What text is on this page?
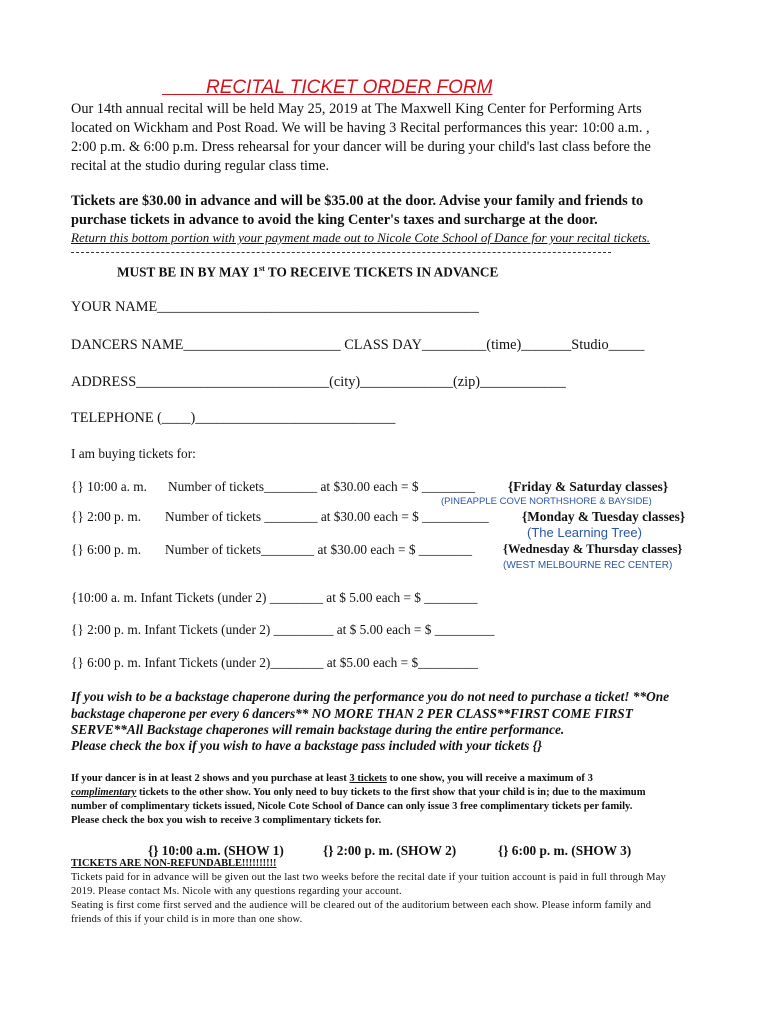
RECITAL TICKET ORDER FORM
Our 14th annual recital will be held May 25, 2019 at The Maxwell King Center for Performing Arts
located on Wickham and Post Road. We will be having 3 Recital performances this year: 10:00 a.m. ,
2:00 p.m. & 6:00 p.m. Dress rehearsal for your dancer will be during your child's last class before the
recital at the studio during regular class time.
Tickets are $30.00 in advance and will be $35.00 at the door. Advise your family and friends to
purchase tickets in advance to avoid the king Center's taxes and surcharge at the door.
Return this bottom portion with your payment made out to Nicole Cote School of Dance for your recital tickets.
MUST BE IN BY MAY 1st TO RECEIVE TICKETS IN ADVANCE
YOUR NAME_____________________________________________
DANCERS NAME______________________ CLASS DAY_________(time)_______Studio_____
ADDRESS___________________________(city)_____________(zip)____________
TELEPHONE (____)____________________________
I am buying tickets for:
{} 10:00 a. m. Number of tickets________ at $30.00 each = $ ________ {Friday & Saturday classes}
(PINEAPPLE COVE NORTHSHORE & BAYSIDE)
{} 2:00 p. m. Number of tickets ________ at $30.00 each = $ __________	{Monday & Tuesday classes}
(The Learning Tree)
{} 6:00 p. m. Number of tickets________ at $30.00 each = $ ________ {Wednesday & Thursday classes}
(WEST MELBOURNE REC CENTER)
{10:00 a. m. Infant Tickets (under 2) ________ at $ 5.00 each = $ ________
{} 2:00 p. m. Infant Tickets (under 2) _________ at $ 5.00 each = $ _________
{} 6:00 p. m. Infant Tickets (under 2)________ at $5.00 each = $_________
If you wish to be a backstage chaperone during the performance you do not need to purchase a ticket! **One
backstage chaperone per every 6 dancers** NO MORE THAN 2 PER CLASS**FIRST COME FIRST
SERVE**All Backstage chaperones will remain backstage during the entire performance.
Please check the box if you wish to have a backstage pass included with your tickets {}
If your dancer is in at least 2 shows and you purchase at least 3 tickets to one show, you will receive a maximum of 3
complimentary tickets to the other show. You only need to buy tickets to the first show that your child is in; due to the maximum
number of complimentary tickets issued, Nicole Cote School of Dance can only issue 3 free complimentary tickets per family.
Please check the box you wish to receive 3 complimentary tickets for.
{} 10:00 a.m. (SHOW 1)	{} 2:00 p. m. (SHOW 2)	{} 6:00 p. m. (SHOW 3)
TICKETS ARE NON-REFUNDABLE!!!!!!!!!!
Tickets paid for in advance will be given out the last two weeks before the recital date if your tuition account is paid in full through May
2019. Please contact Ms. Nicole with any questions regarding your account.
Seating is first come first served and the audience will be cleared out of the auditorium between each show. Please inform family and
friends of this if your child is in more than one show.
